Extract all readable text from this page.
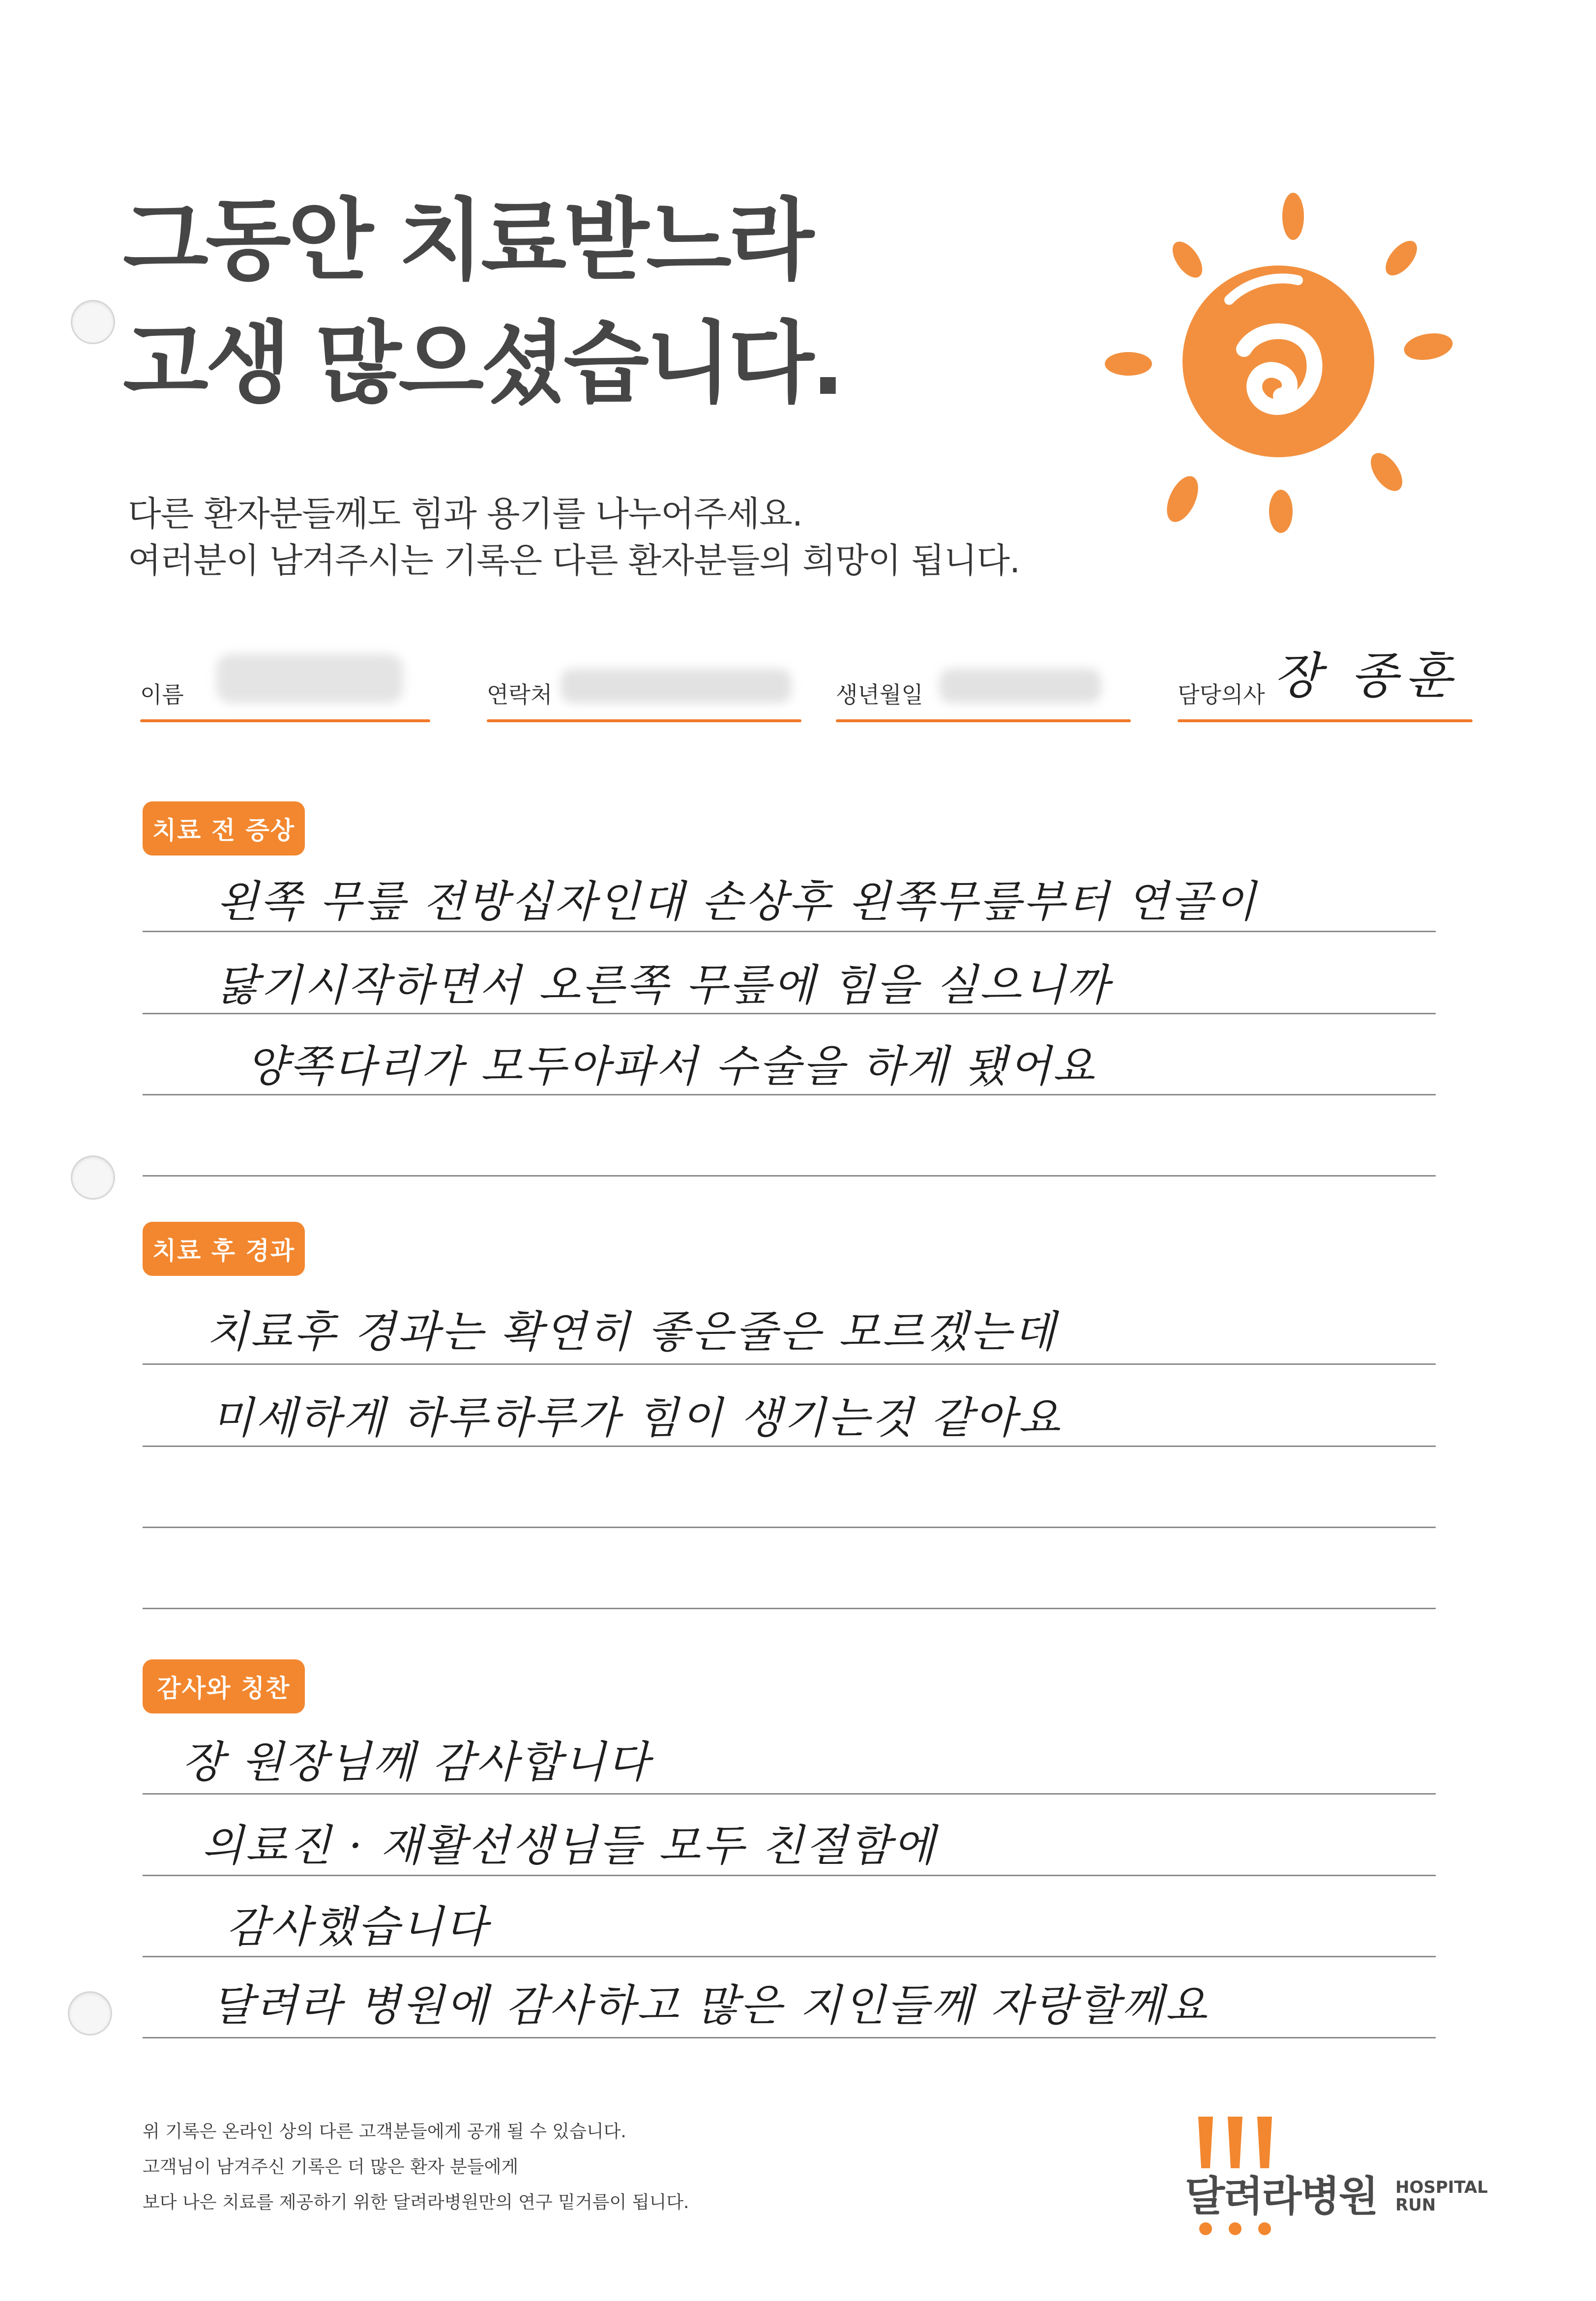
그동안 치료받느라
고생 많으셨습니다.
다른 환자분들께도 힘과 용기를 나누어주세요.
여러분이 남겨주시는 기록은 다른 환자분들의 희망이 됩니다.
이름	연락처	생년월일	담당의사 장 종훈
치료 전 증상
왼쪽 무릎 전방십자인대 손상후 왼쪽무릎부터 연골이
닳기시작하면서 오른쪽 무릎에 힘을 실으니까
양쪽다리가 모두아파서 수술을 하게 됐어요
치료 후 경과
치료후 경과는 확연히 좋은줄은 모르겠는데
미세하게 하루하루가 힘이 생기는것 같아요
감사와 칭찬
장 원장님께 감사합니다
의료진 · 재활선생님들 모두 친절함에
감사했습니다
달려라 병원에 감사하고 많은 지인들께 자랑할께요
위 기록은 온라인 상의 다른 고객분들에게 공개 될 수 있습니다.
고객님이 남겨주신 기록은 더 많은 환자 분들에게
보다 나은 치료를 제공하기 위한 달려라병원만의 연구 밑거름이 됩니다.	달려라병원 HOSPITAL
RUN
